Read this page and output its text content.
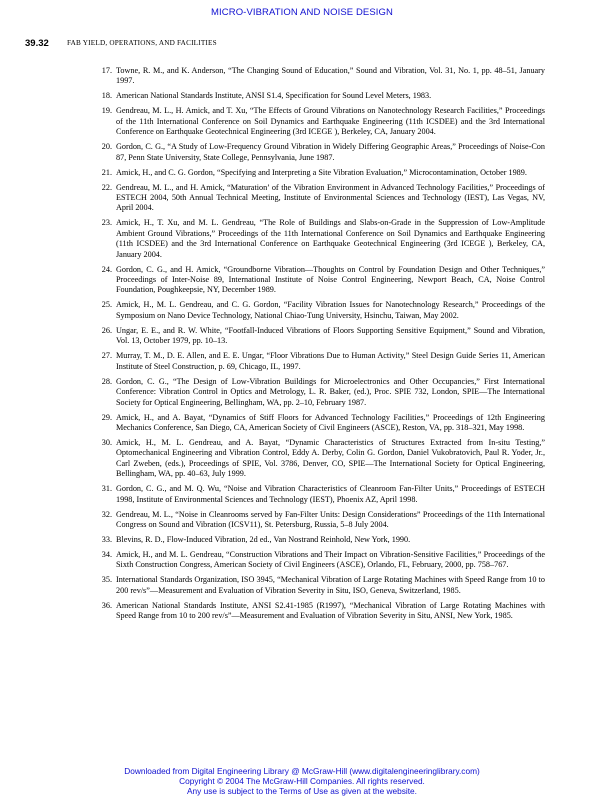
MICRO-VIBRATION AND NOISE DESIGN
39.32	FAB YIELD, OPERATIONS, AND FACILITIES
17. Towne, R. M., and K. Anderson, “The Changing Sound of Education,” Sound and Vibration, Vol. 31, No. 1, pp. 48–51, January 1997.
18. American National Standards Institute, ANSI S1.4, Specification for Sound Level Meters, 1983.
19. Gendreau, M. L., H. Amick, and T. Xu, “The Effects of Ground Vibrations on Nanotechnology Research Facilities,” Proceedings of the 11th International Conference on Soil Dynamics and Earthquake Engineering (11th ICSDEE) and the 3rd International Conference on Earthquake Geotechnical Engineering (3rd ICEGE ), Berkeley, CA, January 2004.
20. Gordon, C. G., “A Study of Low-Frequency Ground Vibration in Widely Differing Geographic Areas,” Proceedings of Noise-Con 87, Penn State University, State College, Pennsylvania, June 1987.
21. Amick, H., and C. G. Gordon, “Specifying and Interpreting a Site Vibration Evaluation,” Microcontamination, October 1989.
22. Gendreau, M. L., and H. Amick, “Maturation’ of the Vibration Environment in Advanced Technology Facilities,” Proceedings of ESTECH 2004, 50th Annual Technical Meeting, Institute of Environmental Sciences and Technology (IEST), Las Vegas, NV, April 2004.
23. Amick, H., T. Xu, and M. L. Gendreau, “The Role of Buildings and Slabs-on-Grade in the Suppression of Low-Amplitude Ambient Ground Vibrations,” Proceedings of the 11th International Conference on Soil Dynamics and Earthquake Engineering (11th ICSDEE) and the 3rd International Conference on Earthquake Geotechnical Engineering (3rd ICEGE ), Berkeley, CA, January 2004.
24. Gordon, C. G., and H. Amick, “Groundborne Vibration—Thoughts on Control by Foundation Design and Other Techniques,” Proceedings of Inter-Noise 89, International Institute of Noise Control Engineering, Newport Beach, CA, Noise Control Foundation, Poughkeepsie, NY, December 1989.
25. Amick, H., M. L. Gendreau, and C. G. Gordon, “Facility Vibration Issues for Nanotechnology Research,” Proceedings of the Symposium on Nano Device Technology, National Chiao-Tung University, Hsinchu, Taiwan, May 2002.
26. Ungar, E. E., and R. W. White, “Footfall-Induced Vibrations of Floors Supporting Sensitive Equipment,” Sound and Vibration, Vol. 13, October 1979, pp. 10–13.
27. Murray, T. M., D. E. Allen, and E. E. Ungar, “Floor Vibrations Due to Human Activity,” Steel Design Guide Series 11, American Institute of Steel Construction, p. 69, Chicago, IL, 1997.
28. Gordon, C. G., “The Design of Low-Vibration Buildings for Microelectronics and Other Occupancies,” First International Conference: Vibration Control in Optics and Metrology, L. R. Baker, (ed.), Proc. SPIE 732, London, SPIE—The International Society for Optical Engineering, Bellingham, WA, pp. 2–10, February 1987.
29. Amick, H., and A. Bayat, “Dynamics of Stiff Floors for Advanced Technology Facilities,” Proceedings of 12th Engineering Mechanics Conference, San Diego, CA, American Society of Civil Engineers (ASCE), Reston, VA, pp. 318–321, May 1998.
30. Amick, H., M. L. Gendreau, and A. Bayat, “Dynamic Characteristics of Structures Extracted from In-situ Testing,” Optomechanical Engineering and Vibration Control, Eddy A. Derby, Colin G. Gordon, Daniel Vukobratovich, Paul R. Yoder, Jr., Carl Zweben, (eds.), Proceedings of SPIE, Vol. 3786, Denver, CO, SPIE—The International Society for Optical Engineering, Bellingham, WA, pp. 40–63, July 1999.
31. Gordon, C. G., and M. Q. Wu, “Noise and Vibration Characteristics of Cleanroom Fan-Filter Units,” Proceedings of ESTECH 1998, Institute of Environmental Sciences and Technology (IEST), Phoenix AZ, April 1998.
32. Gendreau, M. L., “Noise in Cleanrooms served by Fan-Filter Units: Design Considerations” Proceedings of the 11th International Congress on Sound and Vibration (ICSV11), St. Petersburg, Russia, 5–8 July 2004.
33. Blevins, R. D., Flow-Induced Vibration, 2d ed., Van Nostrand Reinhold, New York, 1990.
34. Amick, H., and M. L. Gendreau, “Construction Vibrations and Their Impact on Vibration-Sensitive Facilities,” Proceedings of the Sixth Construction Congress, American Society of Civil Engineers (ASCE), Orlando, FL, February, 2000, pp. 758–767.
35. International Standards Organization, ISO 3945, “Mechanical Vibration of Large Rotating Machines with Speed Range from 10 to 200 rev/s”—Measurement and Evaluation of Vibration Severity in Situ, ISO, Geneva, Switzerland, 1985.
36. American National Standards Institute, ANSI S2.41-1985 (R1997), “Mechanical Vibration of Large Rotating Machines with Speed Range from 10 to 200 rev/s”—Measurement and Evaluation of Vibration Severity in Situ, ANSI, New York, 1985.
Downloaded from Digital Engineering Library @ McGraw-Hill (www.digitalengineeringlibrary.com)
Copyright © 2004 The McGraw-Hill Companies. All rights reserved.
Any use is subject to the Terms of Use as given at the website.
